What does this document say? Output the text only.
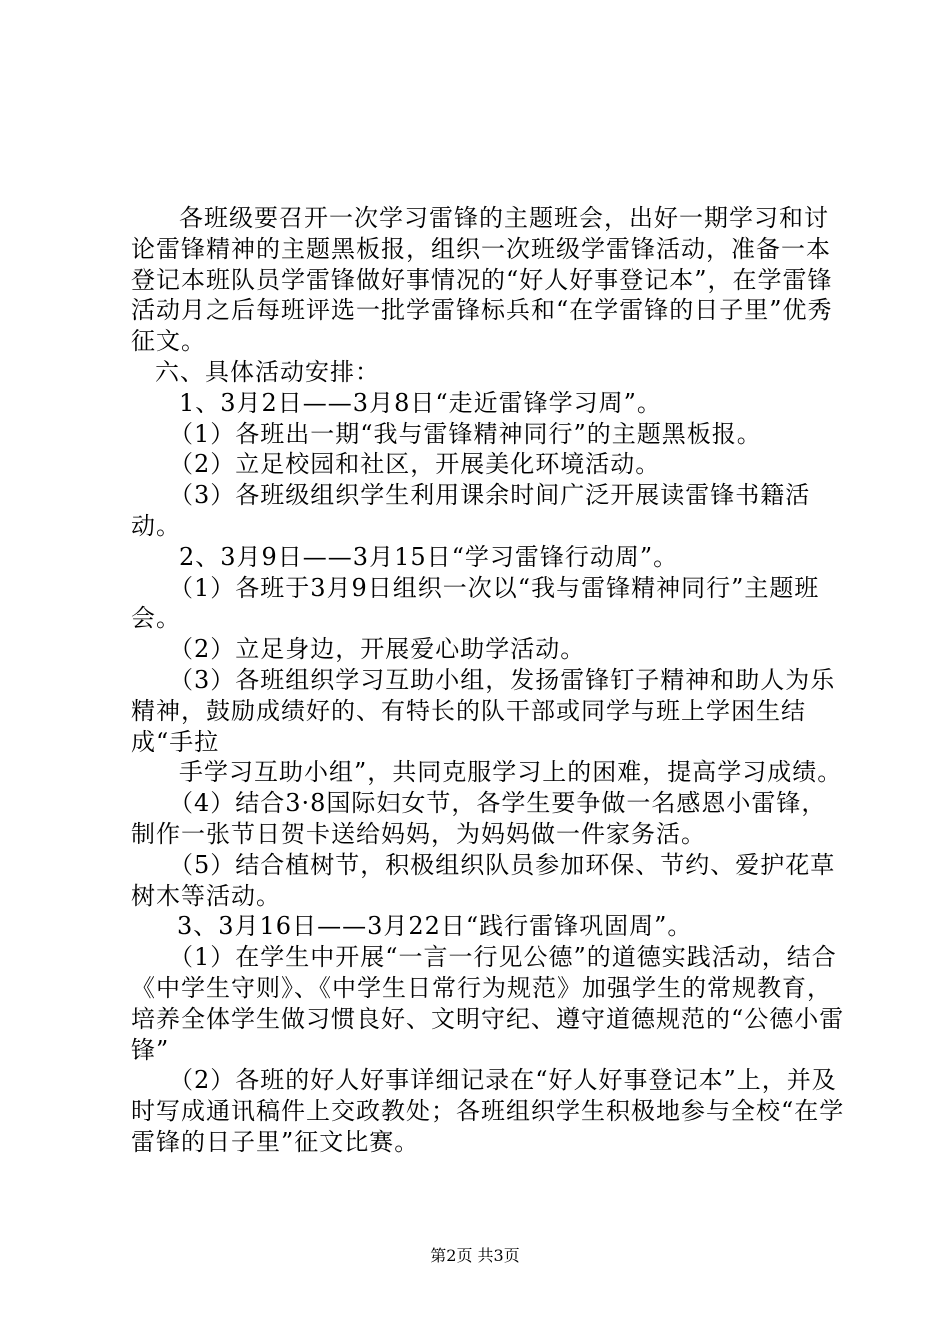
各班级要召开一次学习雷锋的主题班会，出好一期学习和讨论雷锋精神的主题黑板报，组织一次班级学雷锋活动，准备一本登记本班队员学雷锋做好事情况的“好人好事登记本”，在学雷锋活动月之后每班评选一批学雷锋标兵和“在学雷锋的日子里”优秀征文。

六、具体活动安排：

1、3月2日——3月8日“走近雷锋学习周”。

（1）各班出一期“我与雷锋精神同行”的主题黑板报。

（2）立足校园和社区，开展美化环境活动。

（3）各班级组织学生利用课余时间广泛开展读雷锋书籍活动。

2、3月9日——3月15日“学习雷锋行动周”。

（1）各班于3月9日组织一次以“我与雷锋精神同行”主题班会。

（2）立足身边，开展爱心助学活动。

（3）各班组织学习互助小组，发扬雷锋钉子精神和助人为乐精神，鼓励成绩好的、有特长的队干部或同学与班上学困生结成“手拉

手学习互助小组”，共同克服学习上的困难，提高学习成绩。

（4）结合3·8国际妇女节，各学生要争做一名感恩小雷锋，制作一张节日贺卡送给妈妈，为妈妈做一件家务活。

（5）结合植树节，积极组织队员参加环保、节约、爱护花草树木等活动。

3、3月16日——3月22日“践行雷锋巩固周”。

（1）在学生中开展“一言一行见公德”的道德实践活动，结合《中学生守则》、《中学生日常行为规范》加强学生的常规教育，培养全体学生做习惯良好、文明守纪、遵守道德规范的“公德小雷锋”

（2）各班的好人好事详细记录在“好人好事登记本”上，并及时写成通讯稿件上交政教处；各班组织学生积极地参与全校“在学雷锋的日子里”征文比赛。

第2页 共3页
